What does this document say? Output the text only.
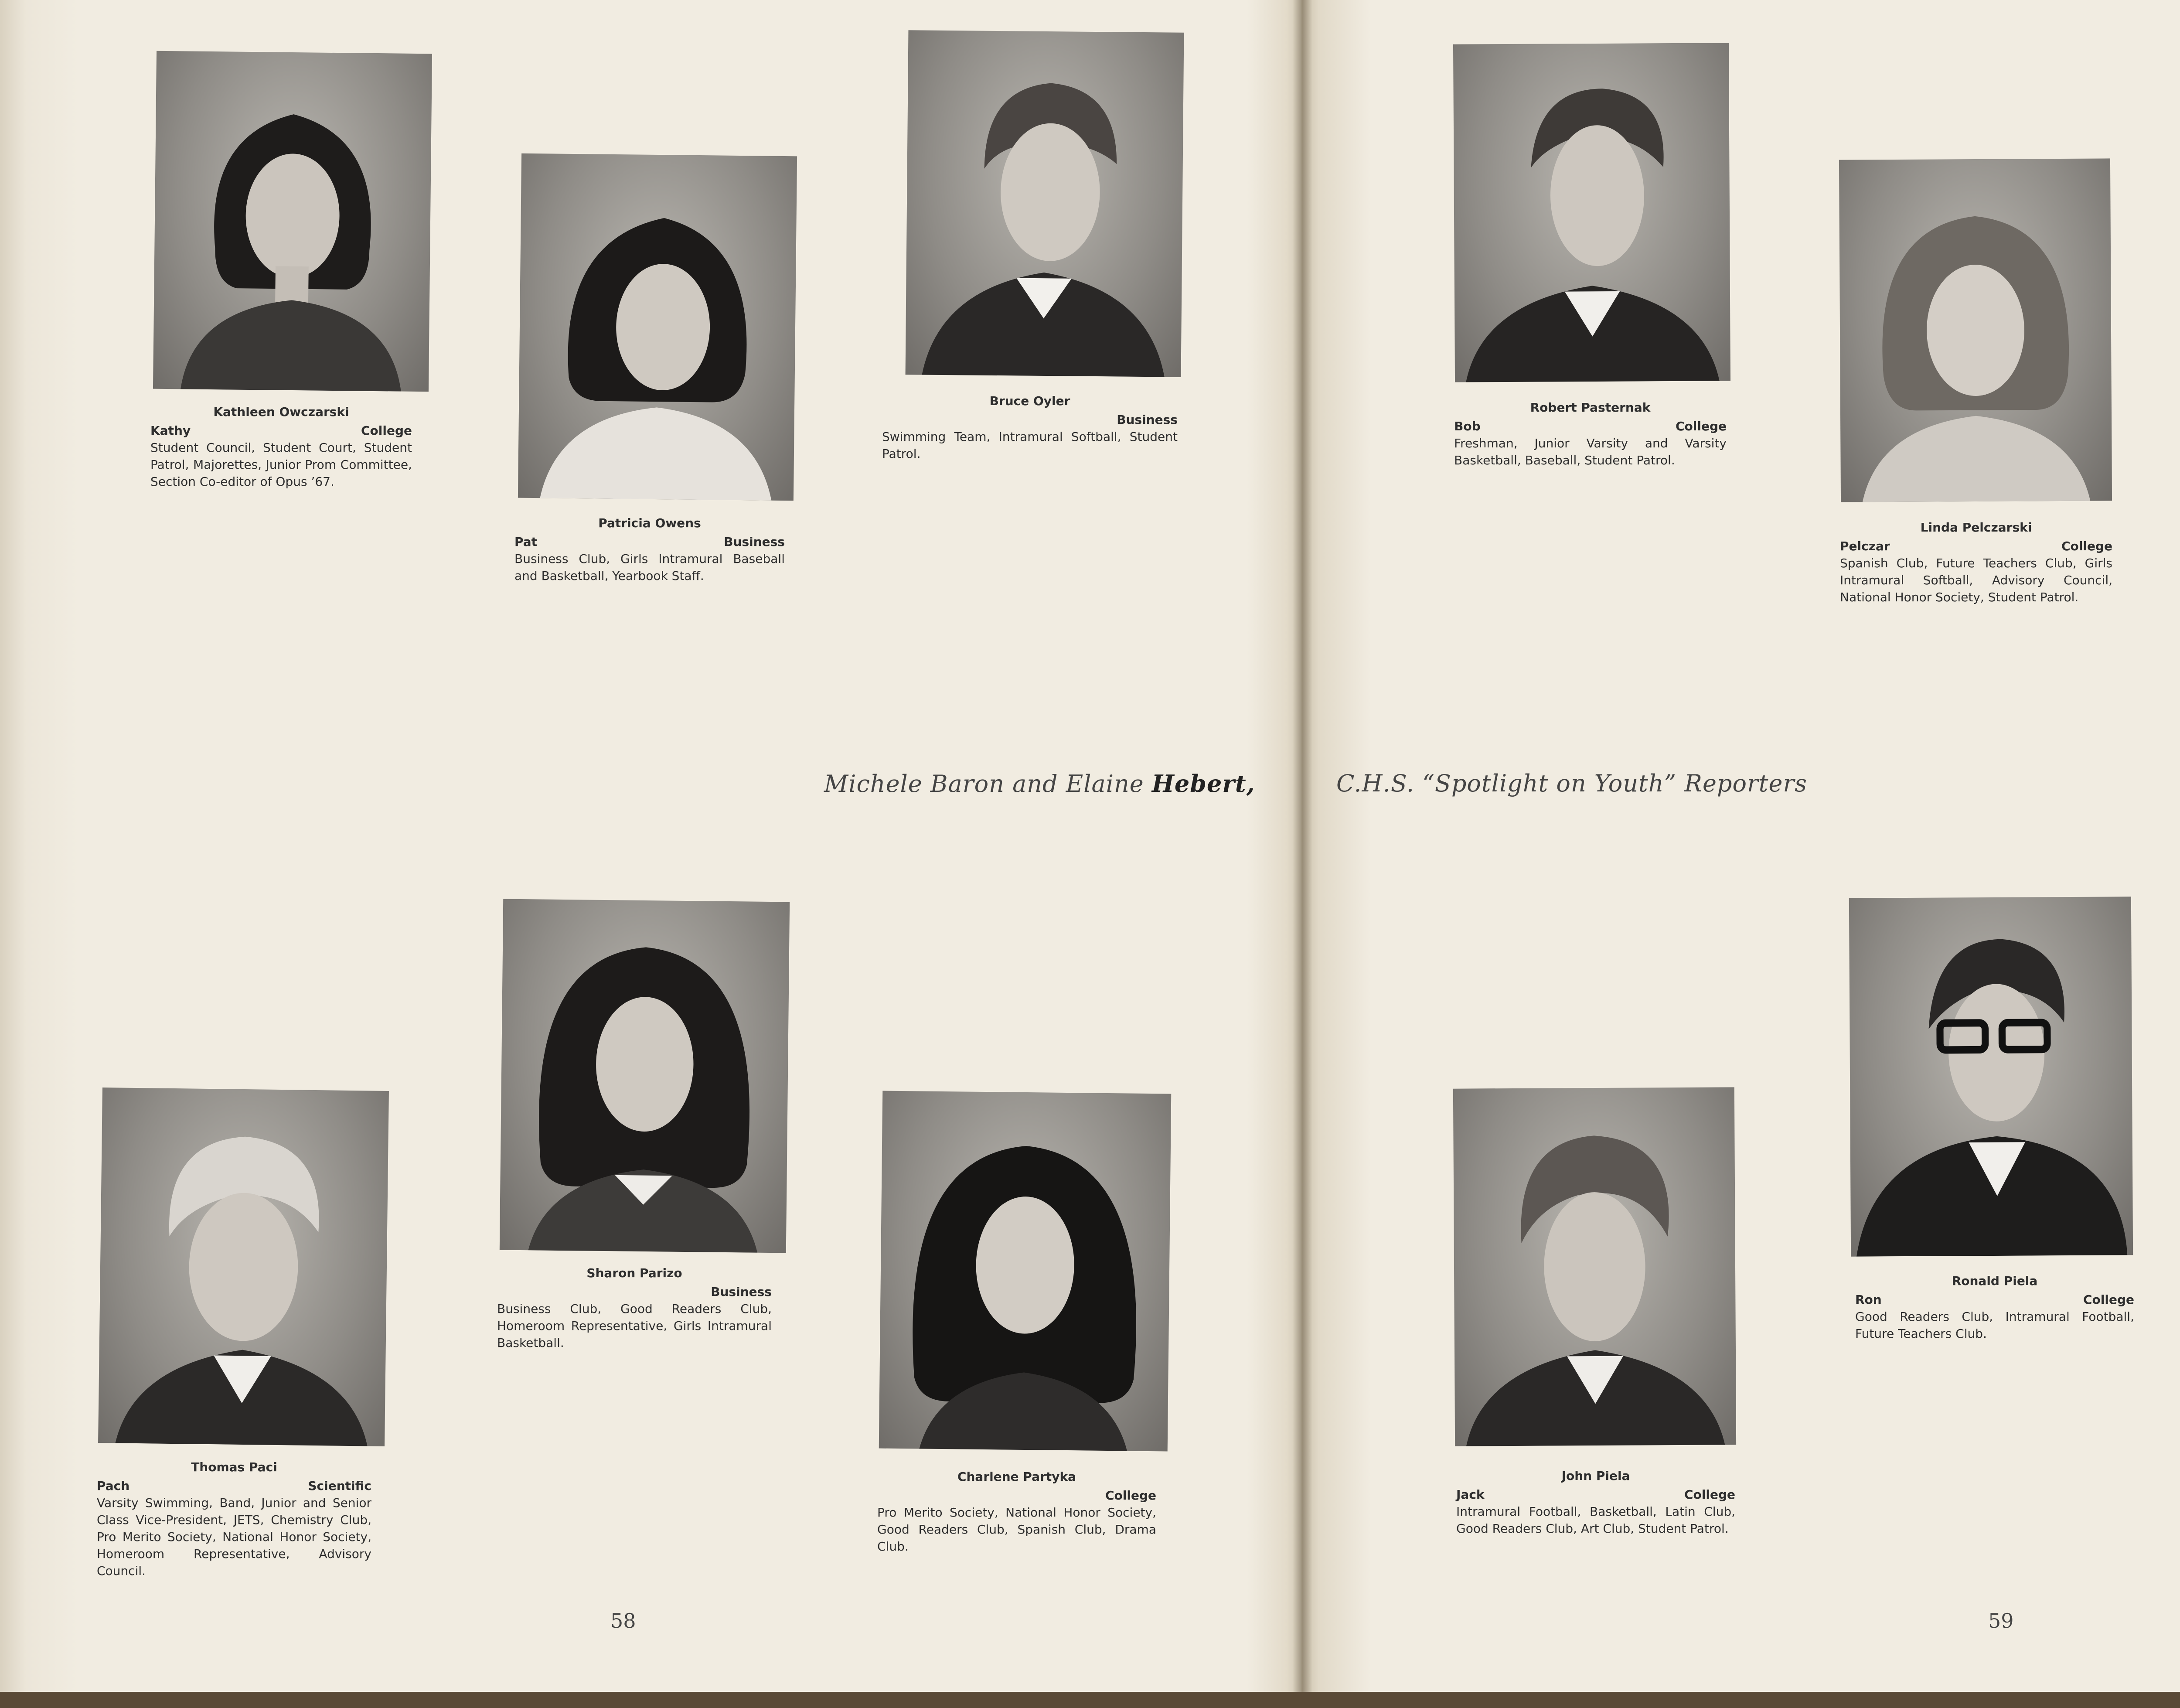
Kathleen Owczarski
Kathy	College
Student Council, Student Court, Student Patrol, Majorettes, Junior Prom Committee, Section Co-editor of Opus ’67.
Patricia Owens
Pat	Business
Business Club, Girls Intramural Baseball and Basketball, Yearbook Staff.
Bruce Oyler
Business
Swimming Team, Intramural Softball, Student Patrol.
Robert Pasternak
Bob	College
Freshman, Junior Varsity and Varsity Basketball, Baseball, Student Patrol.
Linda Pelczarski
Pelczar	College
Spanish Club, Future Teachers Club, Girls Intramural Softball, Advisory Council, National Honor Society, Student Patrol.
Michele Baron and Elaine Hebert,	C.H.S. “Spotlight on Youth” Reporters
Thomas Paci
Pach	Scientific
Varsity Swimming, Band, Junior and Senior Class Vice-President, JETS, Chemistry Club, Pro Merito Society, National Honor Society, Homeroom Representative, Advisory Council.
Sharon Parizo
Business
Business Club, Good Readers Club, Homeroom Representative, Girls Intramural Basketball.
Charlene Partyka
College
Pro Merito Society, National Honor Society, Good Readers Club, Spanish Club, Drama Club.
John Piela
Jack	College
Intramural Football, Basketball, Latin Club, Good Readers Club, Art Club, Student Patrol.
Ronald Piela
Ron	College
Good Readers Club, Intramural Football, Future Teachers Club.
58	59
